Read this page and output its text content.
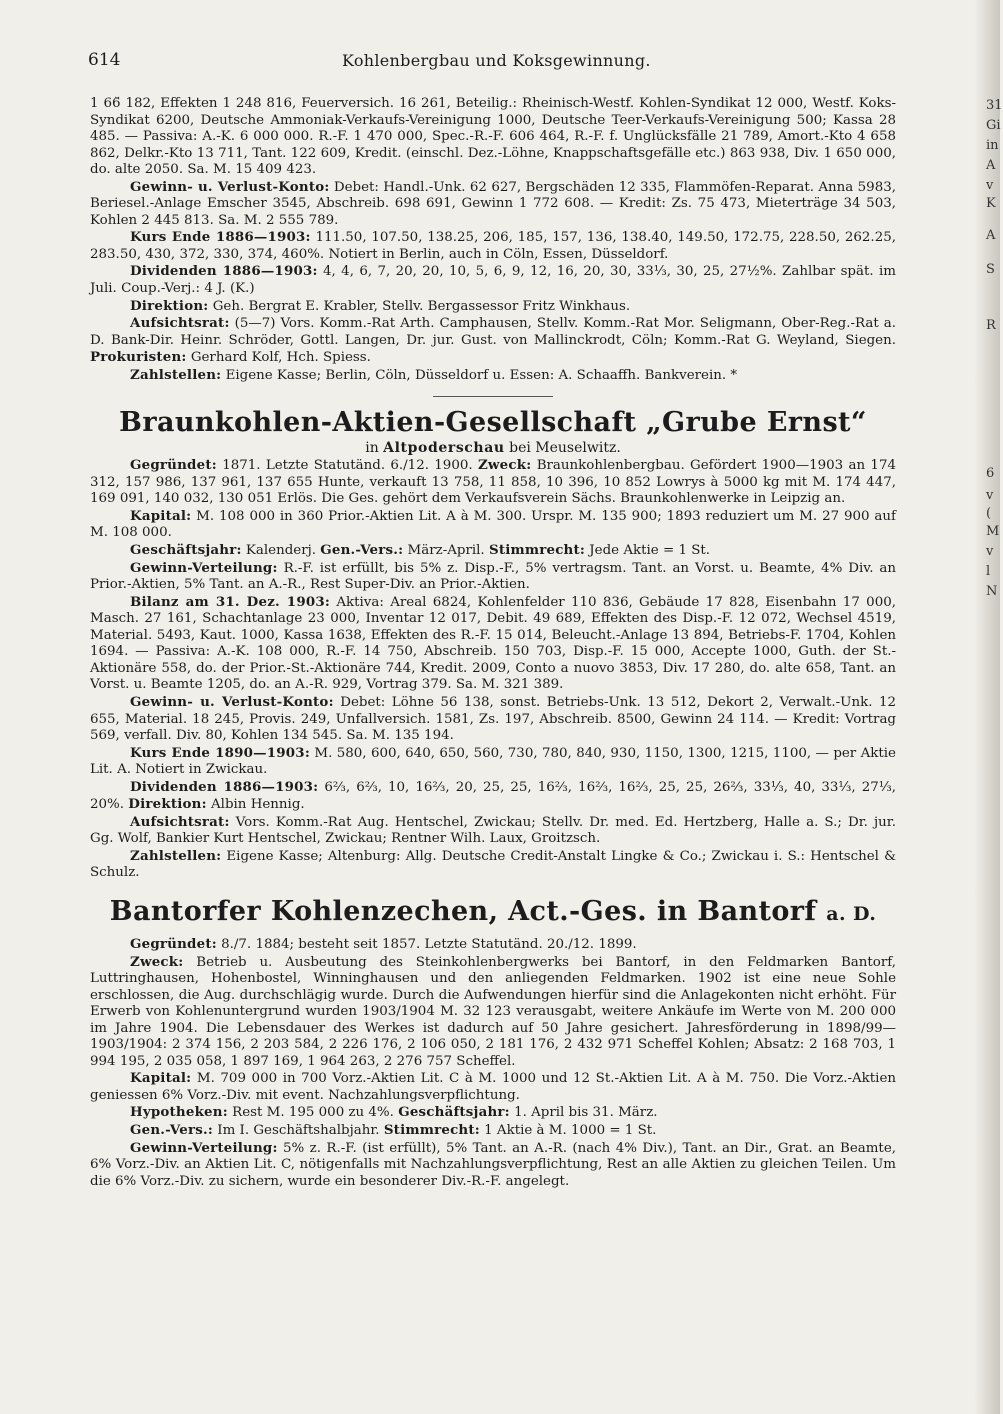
614	Kohlenbergbau und Koksgewinnung.

1 66̆ 182, Effekten 1 248 816, Feuerversich. 16 261, Beteilig.: Rheinisch-Westf. Kohlen-Syndikat 12 000, Westf. Koks-Syndikat 6200, Deutsche Ammoniak-Verkaufs-Vereinigung 1000, Deutsche Teer-Verkaufs-Vereinigung 500; Kassa 28 485. — Passiva: A.-K. 6 000 000. R.-F. 1 470 000, Spec.-R.-F. 606 464, R.-F. f. Unglücksfälle 21 789, Amort.-Kto 4 658 862, Delkr.-Kto 13 711, Tant. 122 609, Kredit. (einschl. Dez.-Löhne, Knappschaftsgefälle etc.) 863 938, Div. 1 650 000, do. alte 2050. Sa. M. 15 409 423.

Gewinn- u. Verlust-Konto: Debet: Handl.-Unk. 62 627, Bergschäden 12 335, Flammöfen-Reparat. Anna 5983, Beriesel.-Anlage Emscher 3545, Abschreib. 698 691, Gewinn 1 772 608. — Kredit: Zs. 75 473, Mieterträge 34 503, Kohlen 2 445 813. Sa. M. 2 555 789.

Kurs Ende 1886—1903: 111.50, 107.50, 138.25, 206, 185, 157, 136, 138.40, 149.50, 172.75, 228.50, 262.25, 283.50, 430, 372, 330, 374, 460%. Notiert in Berlin, auch in Cöln, Essen, Düsseldorf.

Dividenden 1886—1903: 4, 4, 6, 7, 20, 20, 10, 5, 6, 9, 12, 16, 20, 30, 33⅓, 30, 25, 27½%. Zahlbar spät. im Juli. Coup.-Verj.: 4 J. (K.)

Direktion: Geh. Bergrat E. Krabler, Stellv. Bergassessor Fritz Winkhaus.

Aufsichtsrat: (5—7) Vors. Komm.-Rat Arth. Camphausen, Stellv. Komm.-Rat Mor. Seligmann, Ober-Reg.-Rat a. D. Bank-Dir. Heinr. Schröder, Gottl. Langen, Dr. jur. Gust. von Mallinckrodt, Cöln; Komm.-Rat G. Weyland, Siegen. Prokuristen: Gerhard Kolf, Hch. Spiess.

Zahlstellen: Eigene Kasse; Berlin, Cöln, Düsseldorf u. Essen: A. Schaaffh. Bankverein. *

Braunkohlen-Aktien-Gesellschaft „Grube Ernst“

in Altpoderschau bei Meuselwitz.

Gegründet: 1871. Letzte Statutänd. 6./12. 1900. Zweck: Braunkohlenbergbau. Gefördert 1900—1903 an 174 312, 157 986, 137 961, 137 655 Hunte, verkauft 13 758, 11 858, 10 396, 10 852 Lowrys à 5000 kg mit M. 174 447, 169 091, 140 032, 130 051 Erlös. Die Ges. gehört dem Verkaufsverein Sächs. Braunkohlenwerke in Leipzig an.

Kapital: M. 108 000 in 360 Prior.-Aktien Lit. A à M. 300. Urspr. M. 135 900; 1893 reduziert um M. 27 900 auf M. 108 000.

Geschäftsjahr: Kalenderj. Gen.-Vers.: März-April. Stimmrecht: Jede Aktie = 1 St.

Gewinn-Verteilung: R.-F. ist erfüllt, bis 5% z. Disp.-F., 5% vertragsm. Tant. an Vorst. u. Beamte, 4% Div. an Prior.-Aktien, 5% Tant. an A.-R., Rest Super-Div. an Prior.-Aktien.

Bilanz am 31. Dez. 1903: Aktiva: Areal 6824, Kohlenfelder 110 836, Gebäude 17 828, Eisenbahn 17 000, Masch. 27 161, Schachtanlage 23 000, Inventar 12 017, Debit. 49 689, Effekten des Disp.-F. 12 072, Wechsel 4519, Material. 5493, Kaut. 1000, Kassa 1638, Effekten des R.-F. 15 014, Beleucht.-Anlage 13 894, Betriebs-F. 1704, Kohlen 1694. — Passiva: A.-K. 108 000, R.-F. 14 750, Abschreib. 150 703, Disp.-F. 15 000, Accepte 1000, Guth. der St.-Aktionäre 558, do. der Prior.-St.-Aktionäre 744, Kredit. 2009, Conto a nuovo 3853, Div. 17 280, do. alte 658, Tant. an Vorst. u. Beamte 1205, do. an A.-R. 929, Vortrag 379. Sa. M. 321 389.

Gewinn- u. Verlust-Konto: Debet: Löhne 56 138, sonst. Betriebs-Unk. 13 512, Dekort 2, Verwalt.-Unk. 12 655, Material. 18 245, Provis. 249, Unfallversich. 1581, Zs. 197, Abschreib. 8500, Gewinn 24 114. — Kredit: Vortrag 569, verfall. Div. 80, Kohlen 134 545. Sa. M. 135 194.

Kurs Ende 1890—1903: M. 580, 600, 640, 650, 560, 730, 780, 840, 930, 1150, 1300, 1215, 1100, — per Aktie Lit. A. Notiert in Zwickau.

Dividenden 1886—1903: 6⅔, 6⅔, 10, 16⅔, 20, 25, 25, 16⅔, 16⅔, 16⅔, 25, 25, 26⅔, 33⅓, 40, 33⅓, 27⅓, 20%. Direktion: Albin Hennig.

Aufsichtsrat: Vors. Komm.-Rat Aug. Hentschel, Zwickau; Stellv. Dr. med. Ed. Hertzberg, Halle a. S.; Dr. jur. Gg. Wolf, Bankier Kurt Hentschel, Zwickau; Rentner Wilh. Laux, Groitzsch.

Zahlstellen: Eigene Kasse; Altenburg: Allg. Deutsche Credit-Anstalt Lingke & Co.; Zwickau i. S.: Hentschel & Schulz.

Bantorfer Kohlenzechen, Act.-Ges. in Bantorf a. D.

Gegründet: 8./7. 1884; besteht seit 1857. Letzte Statutänd. 20./12. 1899.

Zweck: Betrieb u. Ausbeutung des Steinkohlenbergwerks bei Bantorf, in den Feldmarken Bantorf, Luttringhausen, Hohenbostel, Winninghausen und den anliegenden Feldmarken. 1902 ist eine neue Sohle erschlossen, die Aug. durchschlägig wurde. Durch die Aufwendungen hierfür sind die Anlagekonten nicht erhöht. Für Erwerb von Kohlenuntergrund wurden 1903/1904 M. 32 123 verausgabt, weitere Ankäufe im Werte von M. 200 000 im Jahre 1904. Die Lebensdauer des Werkes ist dadurch auf 50 Jahre gesichert. Jahresförderung in 1898/99—1903/1904: 2 374 156, 2 203 584, 2 226 176, 2 106 050, 2 181 176, 2 432 971 Scheffel Kohlen; Absatz: 2 168 703, 1 994 195, 2 035 058, 1 897 169, 1 964 263, 2 276 757 Scheffel.

Kapital: M. 709 000 in 700 Vorz.-Aktien Lit. C à M. 1000 und 12 St.-Aktien Lit. A à M. 750. Die Vorz.-Aktien geniessen 6% Vorz.-Div. mit event. Nachzahlungsverpflichtung.

Hypotheken: Rest M. 195 000 zu 4%. Geschäftsjahr: 1. April bis 31. März.

Gen.-Vers.: Im I. Geschäftshalbjahr. Stimmrecht: 1 Aktie à M. 1000 = 1 St.

Gewinn-Verteilung: 5% z. R.-F. (ist erfüllt), 5% Tant. an A.-R. (nach 4% Div.), Tant. an Dir., Grat. an Beamte, 6% Vorz.-Div. an Aktien Lit. C, nötigenfalls mit Nachzahlungsverpflichtung, Rest an alle Aktien zu gleichen Teilen. Um die 6% Vorz.-Div. zu sichern, wurde ein besonderer Div.-R.-F. angelegt.

31
Gi
in
A
v
K
A
S
R
6
v
(
M
v
l
N
